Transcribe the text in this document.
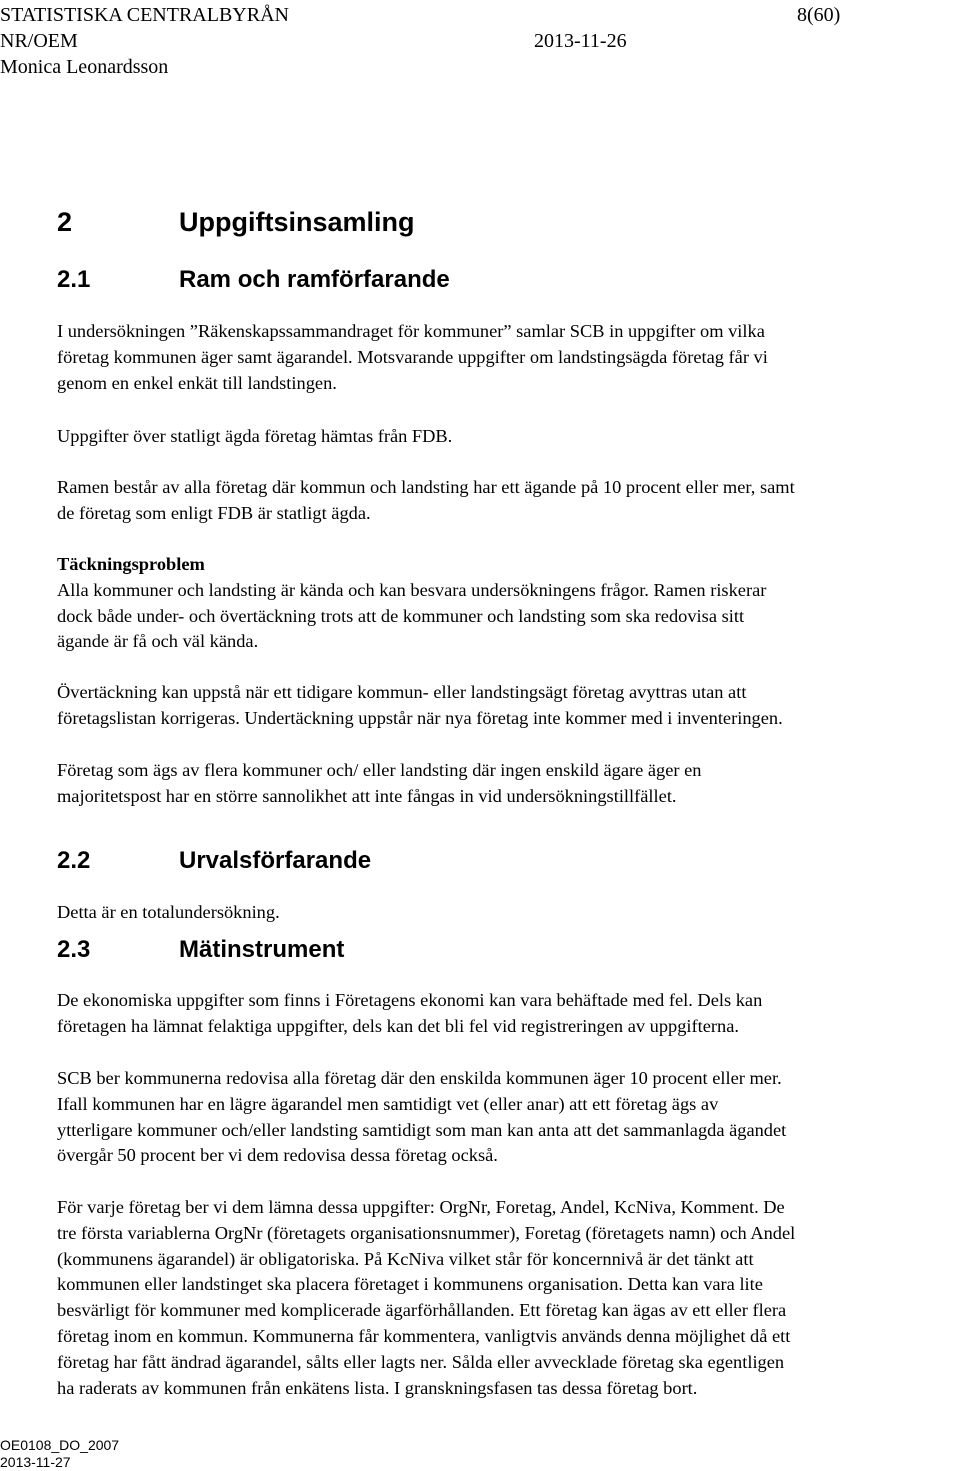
STATISTISKA CENTRALBYRÅN	8(60)
NR/OEM	2013-11-26
Monica Leonardsson
2	Uppgiftsinsamling
2.1	Ram och ramförfarande

I undersökningen ”Räkenskapssammandraget för kommuner” samlar SCB in uppgifter om vilka

företag kommunen äger samt ägarandel. Motsvarande uppgifter om landstingsägda företag får vi

genom en enkel enkät till landstingen.

Uppgifter över statligt ägda företag hämtas från FDB.

Ramen består av alla företag där kommun och landsting har ett ägande på 10 procent eller mer, samt

de företag som enligt FDB är statligt ägda.

Täckningsproblem

Alla kommuner och landsting är kända och kan besvara undersökningens frågor. Ramen riskerar

dock både under- och övertäckning trots att de kommuner och landsting som ska redovisa sitt

ägande är få och väl kända.

Övertäckning kan uppstå när ett tidigare kommun- eller landstingsägt företag avyttras utan att

företagslistan korrigeras. Undertäckning uppstår när nya företag inte kommer med i inventeringen.

Företag som ägs av flera kommuner och/ eller landsting där ingen enskild ägare äger en

majoritetspost har en större sannolikhet att inte fångas in vid undersökningstillfället.

2.2	Urvalsförfarande

Detta är en totalundersökning.

2.3	Mätinstrument

De ekonomiska uppgifter som finns i Företagens ekonomi kan vara behäftade med fel. Dels kan

företagen ha lämnat felaktiga uppgifter, dels kan det bli fel vid registreringen av uppgifterna.

SCB ber kommunerna redovisa alla företag där den enskilda kommunen äger 10 procent eller mer.

Ifall kommunen har en lägre ägarandel men samtidigt vet (eller anar) att ett företag ägs av

ytterligare kommuner och/eller landsting samtidigt som man kan anta att det sammanlagda ägandet

övergår 50 procent ber vi dem redovisa dessa företag också.

För varje företag ber vi dem lämna dessa uppgifter: OrgNr, Foretag, Andel, KcNiva, Komment. De

tre första variablerna OrgNr (företagets organisationsnummer), Foretag (företagets namn) och Andel

(kommunens ägarandel) är obligatoriska. På KcNiva vilket står för koncernnivå är det tänkt att

kommunen eller landstinget ska placera företaget i kommunens organisation. Detta kan vara lite

besvärligt för kommuner med komplicerade ägarförhållanden. Ett företag kan ägas av ett eller flera

företag inom en kommun. Kommunerna får kommentera, vanligtvis används denna möjlighet då ett

företag har fått ändrad ägarandel, sålts eller lagts ner. Sålda eller avvecklade företag ska egentligen

ha raderats av kommunen från enkätens lista. I granskningsfasen tas dessa företag bort.

OE0108_DO_2007
2013-11-27
